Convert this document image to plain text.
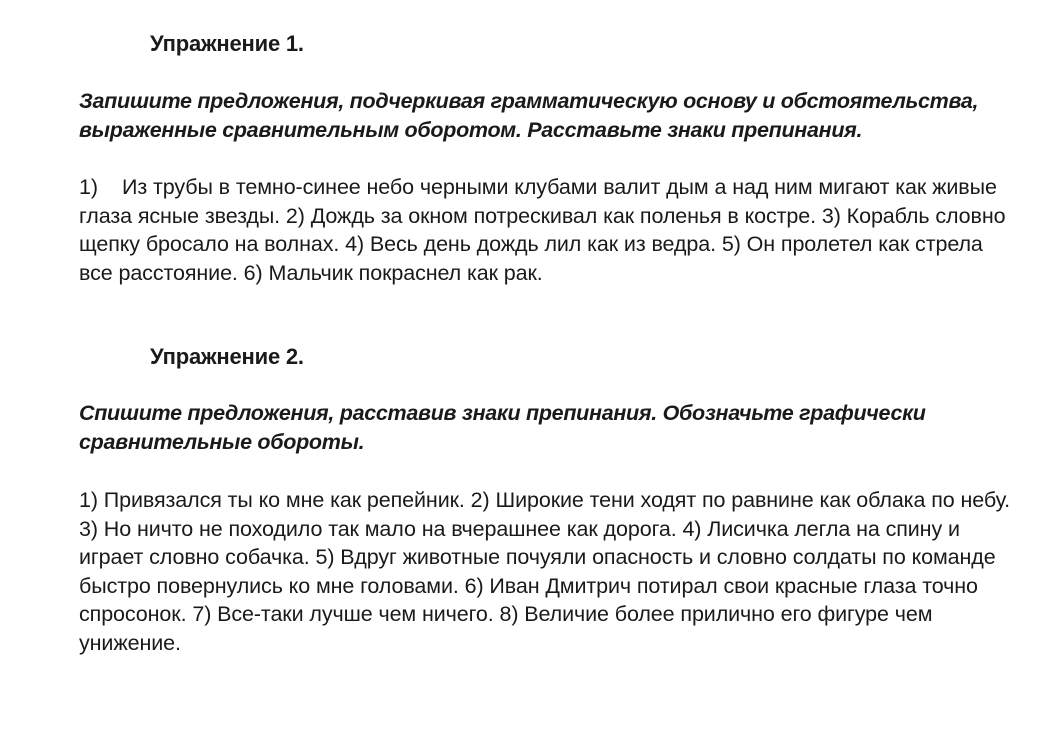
Упражнение 1.
Запишите предложения, подчеркивая грамматическую основу и обстоятельства, выраженные сравнительным оборотом. Расставьте знаки препинания.
1) Из трубы в темно-синее небо черными клубами валит дым а над ним мигают как живые глаза ясные звезды. 2) Дождь за окном потрескивал как поленья в костре. 3) Корабль словно щепку бросало на волнах. 4) Весь день дождь лил как из ведра. 5) Он пролетел как стрела все расстояние. 6) Мальчик покраснел как рак.
Упражнение 2.
Спишите предложения, расставив знаки препинания. Обозначьте графически сравнительные обороты.
1) Привязался ты ко мне как репейник. 2) Широкие тени ходят по равнине как облака по небу. 3) Но ничто не походило так мало на вчерашнее как дорога. 4) Лисичка легла на спину и играет словно собачка. 5) Вдруг животные почуяли опасность и словно солдаты по команде быстро повернулись ко мне головами. 6) Иван Дмитрич потирал свои красные глаза точно спросонок. 7) Все-таки лучше чем ничего. 8) Величие более прилично его фигуре чем унижение.
